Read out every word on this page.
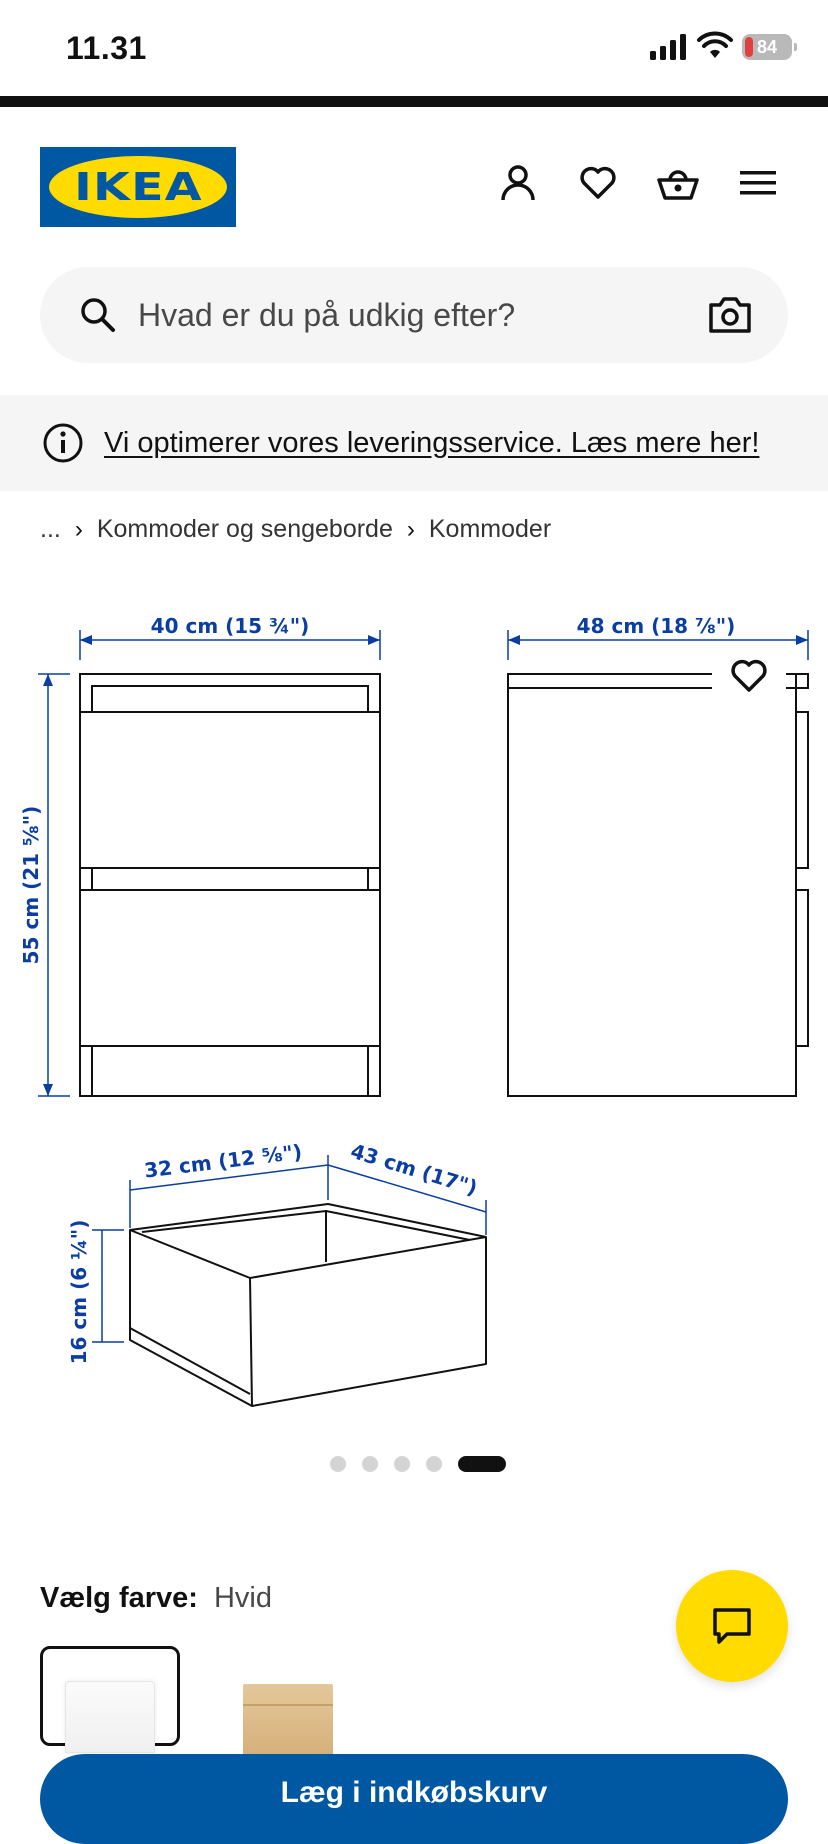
11.31	84
IKEA
Hvad er du på udkig efter?
Vi optimerer vores leveringsservice. Læs mere her!
... › Kommoder og sengeborde › Kommoder
40 cm (15 ¾")
55 cm (21 ⅝")
48 cm (18 ⅞")
32 cm (12 ⅝") 43 cm (17")
16 cm (6 ¼")
Vælg farve: Hvid
Læg i indkøbskurv
